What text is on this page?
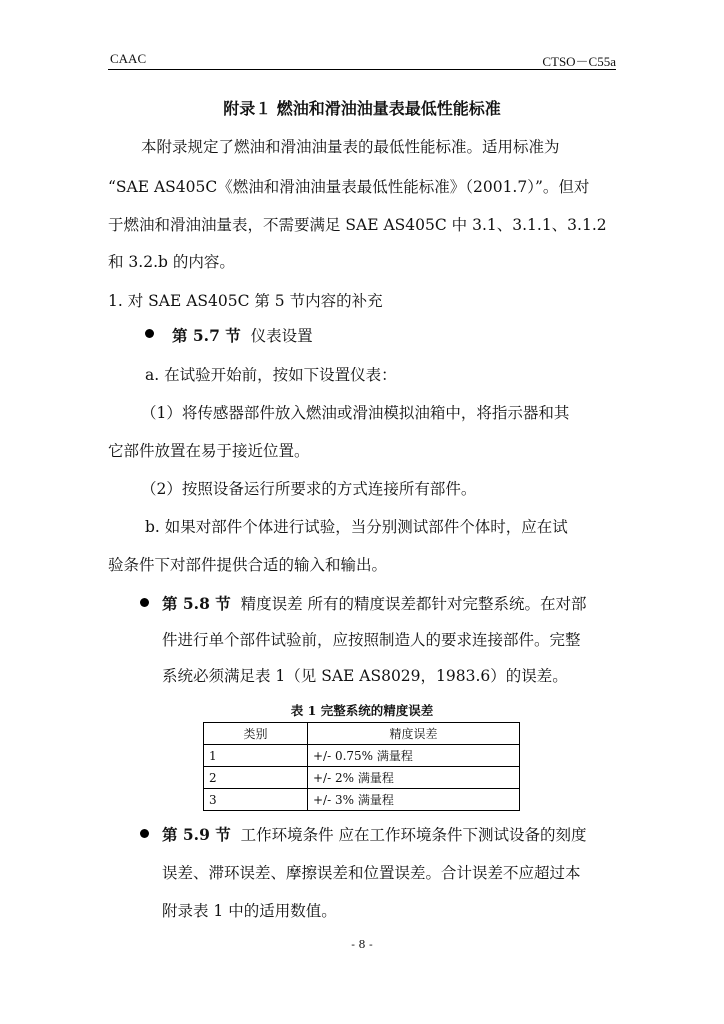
CAAC	CTSO－C55a
附录１ 燃油和滑油油量表最低性能标准
本附录规定了燃油和滑油油量表的最低性能标准。适用标准为
“SAE AS405C《燃油和滑油油量表最低性能标准》（2001.7）”。但对
于燃油和滑油油量表，不需要满足 SAE AS405C 中 3.1、3.1.1、3.1.2
和 3.2.b 的内容。
1. 对 SAE AS405C 第 5 节内容的补充
第 5.7 节 仪表设置
a. 在试验开始前，按如下设置仪表：
（1）将传感器部件放入燃油或滑油模拟油箱中，将指示器和其
它部件放置在易于接近位置。
（2）按照设备运行所要求的方式连接所有部件。
b. 如果对部件个体进行试验，当分别测试部件个体时，应在试
验条件下对部件提供合适的输入和输出。
第 5.8 节 精度误差 所有的精度误差都针对完整系统。在对部
件进行单个部件试验前，应按照制造人的要求连接部件。完整
系统必须满足表 1（见 SAE AS8029，1983.6）的误差。
表 1 完整系统的精度误差
类别	精度误差
1	+/- 0.75% 满量程
2	+/- 2% 满量程
3	+/- 3% 满量程
第 5.9 节 工作环境条件 应在工作环境条件下测试设备的刻度
误差、滞环误差、摩擦误差和位置误差。合计误差不应超过本
附录表 1 中的适用数值。
- 8 -
